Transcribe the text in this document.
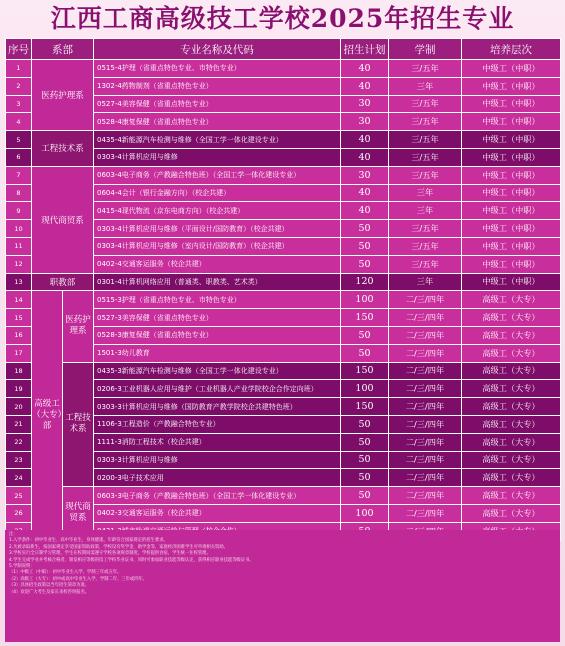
江西工商高级技工学校2025年招生专业
序号	系部		专业名称及代码	招生计划	学制	培养层次
1	医药护理系		0515-4护理（省重点特色专业、市特色专业）	40	三/五年	中级工（中职）
2			1302-4药物制剂（省重点特色专业）	40	三年	中级工（中职）
3			0527-4美容保健（省重点特色专业）	30	三/五年	中级工（中职）
4			0528-4康复保健（省重点特色专业）	30	三/五年	中级工（中职）
5	工程技术系		0435-4新能源汽车检测与维修（全国工学一体化建设专业）	40	三/五年	中级工（中职）
6			0303-4计算机应用与维修	40	三/五年	中级工（中职）
7	现代商贸系		0603-4电子商务（产教融合特色班）（全国工学一体化建设专业）	30	三/五年	中级工（中职）
8			0604-4会计（银行金融方向）（校企共建）	40	三年	中级工（中职）
9			0415-4现代物流（京东电商方向）（校企共建）	40	三年	中级工（中职）
10			0303-4计算机应用与维修（平面设计/国防教育）（校企共建）	50	三/五年	中级工（中职）
11			0303-4计算机应用与维修（室内设计/国防教育）（校企共建）	50	三/五年	中级工（中职）
12			0402-4交通客运服务（校企共建）	50	三/五年	中级工（中职）
13	职教部		0301-4计算机网络应用（普通类、职教类、艺术类）	120	三年	中级工（中职）
14	高级工（大专）部	医药护理系	0515-3护理（省重点特色专业、市特色专业）	100	二/三/四年	高级工（大专）
15			0527-3美容保健（省重点特色专业）	150	二/三/四年	高级工（大专）
16			0528-3康复保健（省重点特色专业）	50	二/三/四年	高级工（大专）
17			1501-3幼儿教育	50	二/三/四年	高级工（大专）
18		工程技术系	0435-3新能源汽车检测与维修（全国工学一体化建设专业）	150	二/三/四年	高级工（大专）
19			0206-3工业机器人应用与维护（工业机器人产业学院校企合作定向班）	100	二/三/四年	高级工（大专）
20			0303-3计算机应用与维修（国防教育产教学院校企共建特色班）	150	二/三/四年	高级工（大专）
21			1106-3工程造价（产教融合特色专业）	50	二/三/四年	高级工（大专）
22			1111-3消防工程技术（校企共建）	50	二/三/四年	高级工（大专）
23			0303-3计算机应用与维修	50	二/三/四年	高级工（大专）
24			0200-3电子技术应用	50	二/三/四年	高级工（大专）
25		现代商贸系	0603-3电子商务（产教融合特色班）（全国工学一体化建设专业）	50	二/三/四年	高级工（大专）
26			0402-3交通客运服务（校企共建）	100	二/三/四年	高级工（大专）

注：

1.入学条件：初中毕业生、高中毕业生，身体健康，年龄符合国家规定的招生要求。

2.凡被录取新生，按国家规定享受国家资助政策，学校设有奖学金、助学金等，家庭经济困难学生可申请相关资助。

3.学校实行全日制学习管理，学生在校期间需遵守学校各项规章制度，学校提供食宿，学生统一住校管理。

4.学生完成学业并考核合格者，颁发相应等级的技工学校毕业证书，同时可参加职业技能等级认定，获得相应职业技能等级证书。

5.学制说明：

（1）中级工（中职）：初中毕业生入学，学制三年或五年。

（2）高级工（大专）：初中或高中毕业生入学，学制二年、三年或四年。

（3）具体招生政策以当年招生简章为准。

（4）欢迎广大考生及家长来校咨询报名。
